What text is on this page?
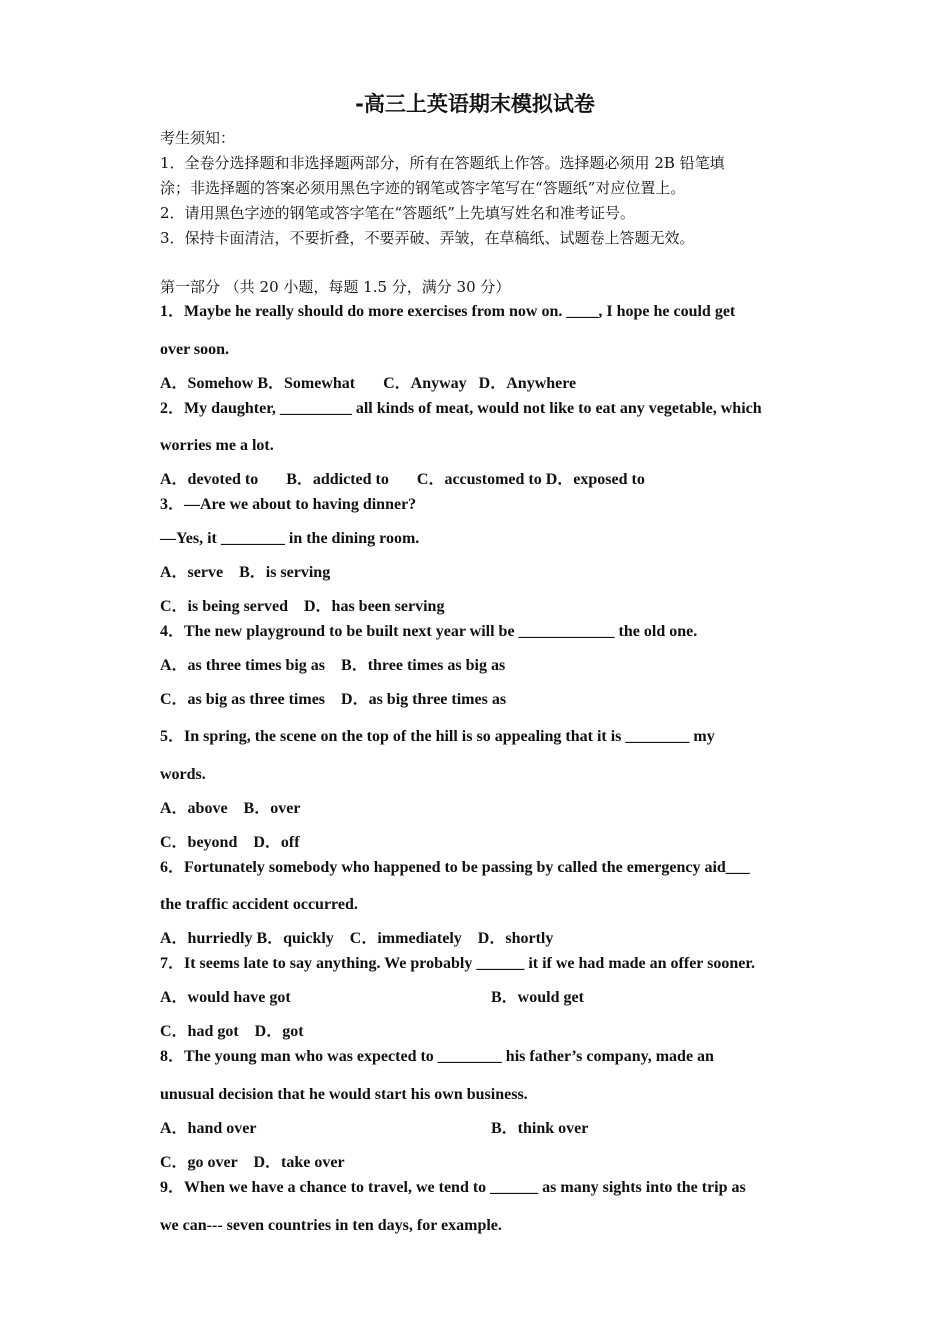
-高三上英语期末模拟试卷
考生须知：
1．全卷分选择题和非选择题两部分，所有在答题纸上作答。选择题必须用 2B 铅笔填
涂；非选择题的答案必须用黑色字迹的钢笔或答字笔写在“答题纸”对应位置上。
2．请用黑色字迹的钢笔或答字笔在“答题纸”上先填写姓名和准考证号。
3．保持卡面清洁，不要折叠，不要弄破、弄皱，在草稿纸、试题卷上答题无效。
第一部分 （共 20 小题，每题 1.5 分，满分 30 分）
1．Maybe he really should do more exercises from now on. ____, I hope he could get
over soon.
A．Somehow B．Somewhat       C．Anyway   D．Anywhere
2．My daughter, _________ all kinds of meat, would not like to eat any vegetable, which
worries me a lot.
A．devoted to       B．addicted to       C．accustomed to D．exposed to
3．—Are we about to having dinner?
—Yes, it ________ in the dining room.
A．serve    B．is serving
C．is being served    D．has been serving
4．The new playground to be built next year will be ____________ the old one.
A．as three times big as    B．three times as big as
C．as big as three times    D．as big three times as
5．In spring, the scene on the top of the hill is so appealing that it is ________ my
words.
A．above    B．over
C．beyond    D．off
6．Fortunately somebody who happened to be passing by called the emergency aid___
the traffic accident occurred.
A．hurriedly B．quickly    C．immediately    D．shortly
7．It seems late to say anything. We probably ______ it if we had made an offer sooner.
A．would have got	B．would get
C．had got    D．got
8．The young man who was expected to ________ his father’s company, made an
unusual decision that he would start his own business.
A．hand over	B．think over
C．go over    D．take over
9．When we have a chance to travel, we tend to ______ as many sights into the trip as
we can--- seven countries in ten days, for example.
